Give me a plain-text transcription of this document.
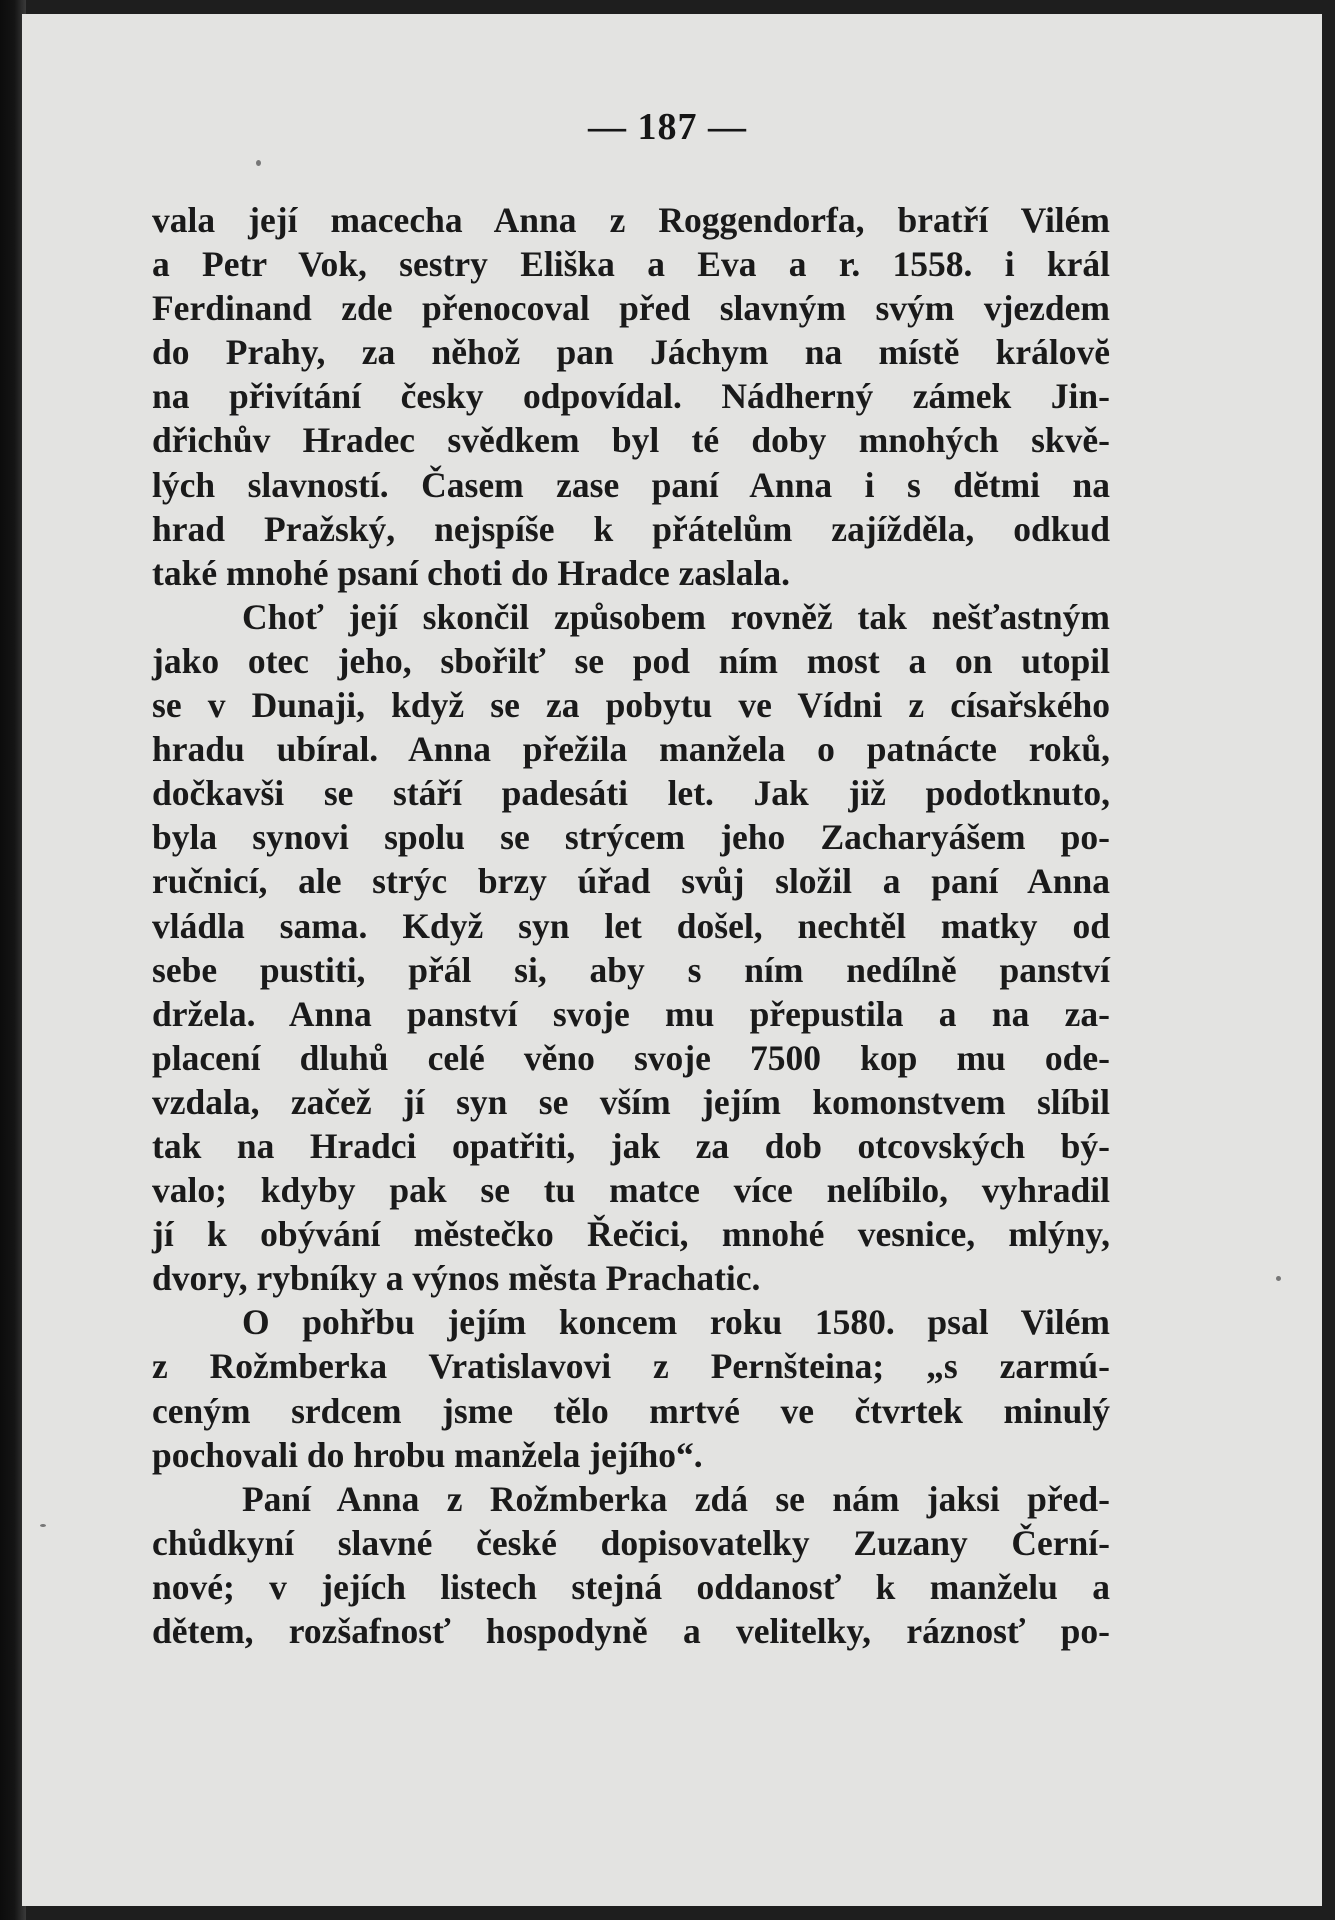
— 187 —
vala její macecha Anna z Roggendorfa, bratří Vilém
a Petr Vok, sestry Eliška a Eva a r. 1558. i král
Ferdinand zde přenocoval před slavným svým vjezdem
do Prahy, za něhož pan Jáchym na místě královĕ
na přivítání česky odpovídal. Nádherný zámek Jin-
dřichův Hradec svědkem byl té doby mnohých skvě-
lých slavností. Časem zase paní Anna i s dĕtmi na
hrad Pražský, nejspíše k přátelům zajížděla, odkud
také mnohé psaní choti do Hradce zaslala.
Choť její skončil způsobem rovněž tak nešťastným
jako otec jeho, sbořilť se pod ním most a on utopil
se v Dunaji, když se za pobytu ve Vídni z císařského
hradu ubíral. Anna přežila manžela o patnácte roků,
dočkavši se stáří padesáti let. Jak již podotknuto,
byla synovi spolu se strýcem jeho Zacharyášem po-
ručnicí, ale strýc brzy úřad svůj složil a paní Anna
vládla sama. Když syn let došel, nechtěl matky od
sebe pustiti, přál si, aby s ním nedílně panství
držela. Anna panství svoje mu přepustila a na za-
placení dluhů celé věno svoje 7500 kop mu ode-
vzdala, začež jí syn se vším jejím komonstvem slíbil
tak na Hradci opatřiti, jak za dob otcovských bý-
valo; kdyby pak se tu matce více nelíbilo, vyhradil
jí k obývání městečko Řečici, mnohé vesnice, mlýny,
dvory, rybníky a výnos města Prachatic.
O pohřbu jejím koncem roku 1580. psal Vilém
z Rožmberka Vratislavovi z Pernšteina; „s zarmú-
ceným srdcem jsme tělo mrtvé ve čtvrtek minulý
pochovali do hrobu manžela jejího“.
Paní Anna z Rožmberka zdá se nám jaksi před-
chůdkyní slavné české dopisovatelky Zuzany Černí-
nové; v jejích listech stejná oddanosť k manželu a
dětem, rozšafnosť hospodyně a velitelky, ráznosť po-
